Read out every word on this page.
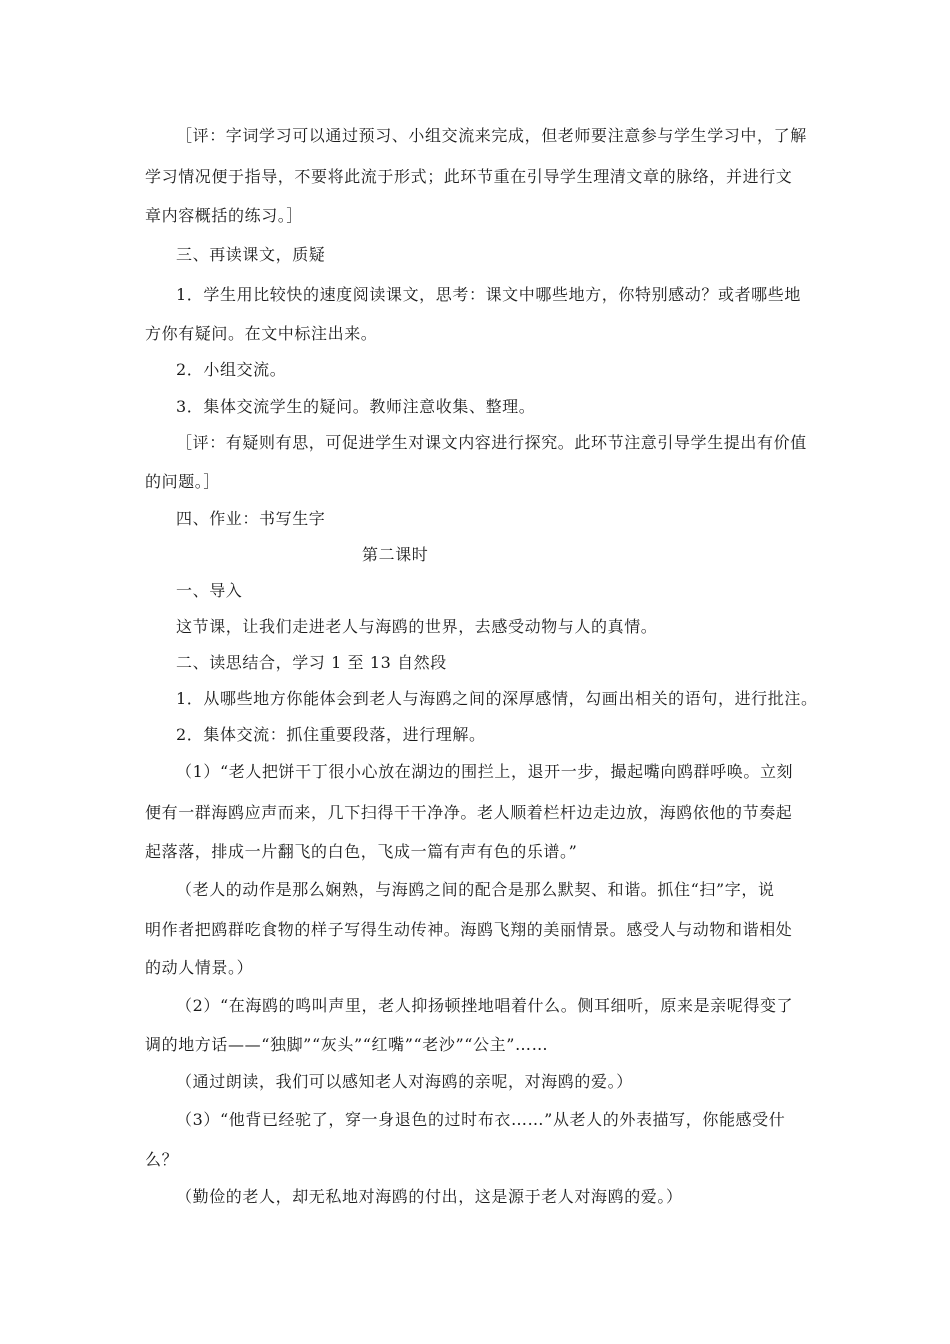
［评：字词学习可以通过预习、小组交流来完成，但老师要注意参与学生学习中，了解
学习情况便于指导，不要将此流于形式；此环节重在引导学生理清文章的脉络，并进行文
章内容概括的练习。］
三、再读课文，质疑
1．学生用比较快的速度阅读课文，思考：课文中哪些地方，你特别感动？或者哪些地
方你有疑问。在文中标注出来。
2．小组交流。
3．集体交流学生的疑问。教师注意收集、整理。
［评：有疑则有思，可促进学生对课文内容进行探究。此环节注意引导学生提出有价值
的问题。］
四、作业：书写生字
第二课时
一、导入
这节课，让我们走进老人与海鸥的世界，去感受动物与人的真情。
二、读思结合，学习 1 至 13 自然段
1．从哪些地方你能体会到老人与海鸥之间的深厚感情，勾画出相关的语句，进行批注。
2．集体交流：抓住重要段落，进行理解。
（1）“老人把饼干丁很小心放在湖边的围拦上，退开一步，撮起嘴向鸥群呼唤。立刻
便有一群海鸥应声而来，几下扫得干干净净。老人顺着栏杆边走边放，海鸥依他的节奏起
起落落，排成一片翻飞的白色，飞成一篇有声有色的乐谱。”
（老人的动作是那么娴熟，与海鸥之间的配合是那么默契、和谐。抓住“扫”字，说
明作者把鸥群吃食物的样子写得生动传神。海鸥飞翔的美丽情景。感受人与动物和谐相处
的动人情景。）
（2）“在海鸥的鸣叫声里，老人抑扬顿挫地唱着什么。侧耳细听，原来是亲呢得变了
调的地方话——“独脚”“灰头”“红嘴”“老沙”“公主”……
（通过朗读，我们可以感知老人对海鸥的亲呢，对海鸥的爱。）
（3）“他背已经驼了，穿一身退色的过时布衣……”从老人的外表描写，你能感受什
么？
（勤俭的老人，却无私地对海鸥的付出，这是源于老人对海鸥的爱。）
